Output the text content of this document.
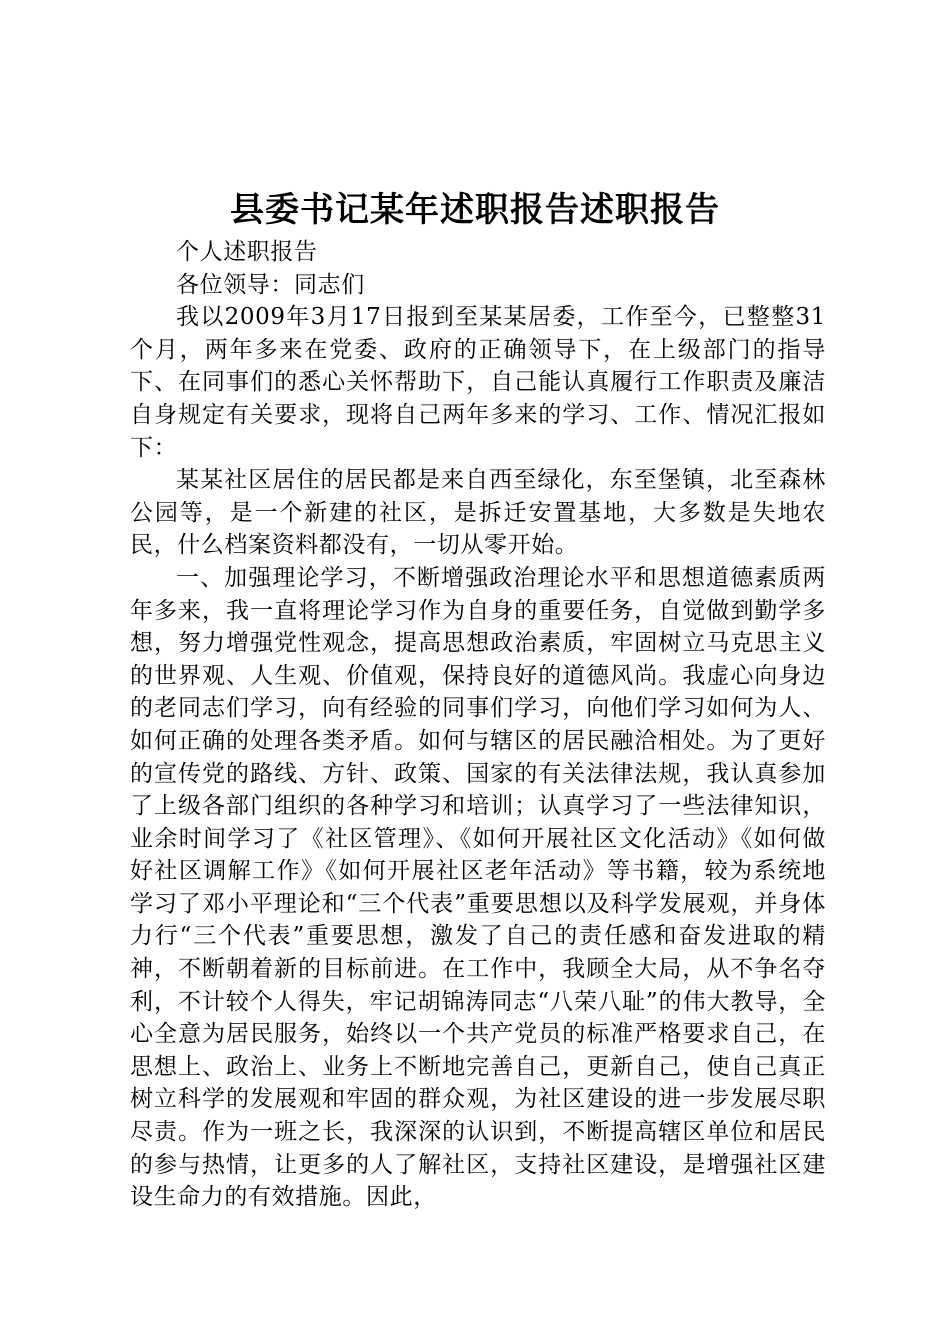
县委书记某年述职报告述职报告

个人述职报告

各位领导：同志们

我以2009年3月17日报到至某某居委，工作至今，已整整31个月，两年多来在党委、政府的正确领导下，在上级部门的指导下、在同事们的悉心关怀帮助下，自己能认真履行工作职责及廉洁自身规定有关要求，现将自己两年多来的学习、工作、情况汇报如下：

某某社区居住的居民都是来自西至绿化，东至堡镇，北至森林公园等，是一个新建的社区，是拆迁安置基地，大多数是失地农民，什么档案资料都没有，一切从零开始。

一、加强理论学习，不断增强政治理论水平和思想道德素质两年多来，我一直将理论学习作为自身的重要任务，自觉做到勤学多想，努力增强党性观念，提高思想政治素质，牢固树立马克思主义的世界观、人生观、价值观，保持良好的道德风尚。我虚心向身边的老同志们学习，向有经验的同事们学习，向他们学习如何为人、如何正确的处理各类矛盾。如何与辖区的居民融洽相处。为了更好的宣传党的路线、方针、政策、国家的有关法律法规，我认真参加了上级各部门组织的各种学习和培训；认真学习了一些法律知识，业余时间学习了《社区管理》、《如何开展社区文化活动》《如何做好社区调解工作》《如何开展社区老年活动》等书籍，较为系统地学习了邓小平理论和“三个代表”重要思想以及科学发展观，并身体力行“三个代表”重要思想，激发了自己的责任感和奋发进取的精神，不断朝着新的目标前进。在工作中，我顾全大局，从不争名夺利，不计较个人得失，牢记胡锦涛同志“八荣八耻”的伟大教导，全心全意为居民服务，始终以一个共产党员的标准严格要求自己，在思想上、政治上、业务上不断地完善自己，更新自己，使自己真正树立科学的发展观和牢固的群众观，为社区建设的进一步发展尽职尽责。作为一班之长，我深深的认识到，不断提高辖区单位和居民的参与热情，让更多的人了解社区，支持社区建设，是增强社区建设生命力的有效措施。因此，
